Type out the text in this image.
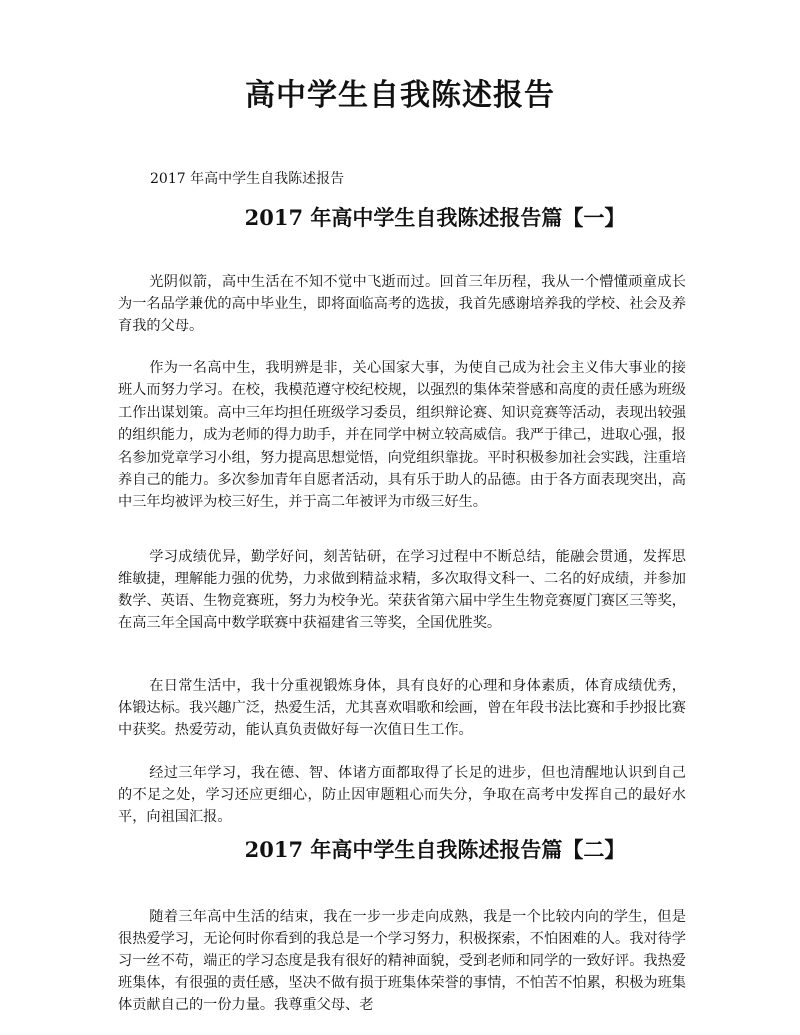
高中学生自我陈述报告

2017 年高中学生自我陈述报告

2017 年高中学生自我陈述报告篇【一】

光阴似箭，高中生活在不知不觉中飞逝而过。回首三年历程，我从一个懵懂顽童成长为一名品学兼优的高中毕业生，即将面临高考的选拔，我首先感谢培养我的学校、社会及养育我的父母。

作为一名高中生，我明辨是非，关心国家大事，为使自己成为社会主义伟大事业的接班人而努力学习。在校，我模范遵守校纪校规，以强烈的集体荣誉感和高度的责任感为班级工作出谋划策。高中三年均担任班级学习委员，组织辩论赛、知识竞赛等活动，表现出较强的组织能力，成为老师的得力助手，并在同学中树立较高威信。我严于律己，进取心强，报名参加党章学习小组，努力提高思想觉悟，向党组织靠拢。平时积极参加社会实践，注重培养自己的能力。多次参加青年自愿者活动，具有乐于助人的品德。由于各方面表现突出，高中三年均被评为校三好生，并于高二年被评为市级三好生。

学习成绩优异，勤学好问，刻苦钻研，在学习过程中不断总结，能融会贯通，发挥思维敏捷，理解能力强的优势，力求做到精益求精，多次取得文科一、二名的好成绩，并参加数学、英语、生物竞赛班，努力为校争光。荣获省第六届中学生生物竞赛厦门赛区三等奖，在高三年全国高中数学联赛中获福建省三等奖，全国优胜奖。

在日常生活中，我十分重视锻炼身体，具有良好的心理和身体素质，体育成绩优秀，体锻达标。我兴趣广泛，热爱生活，尤其喜欢唱歌和绘画，曾在年段书法比赛和手抄报比赛中获奖。热爱劳动，能认真负责做好每一次值日生工作。

经过三年学习，我在德、智、体诸方面都取得了长足的进步，但也清醒地认识到自己的不足之处，学习还应更细心，防止因审题粗心而失分，争取在高考中发挥自己的最好水平，向祖国汇报。

2017 年高中学生自我陈述报告篇【二】

随着三年高中生活的结束，我在一步一步走向成熟，我是一个比较内向的学生，但是很热爱学习，无论何时你看到的我总是一个学习努力，积极探索，不怕困难的人。我对待学习一丝不苟，端正的学习态度是我有很好的精神面貌，受到老师和同学的一致好评。我热爱班集体，有很强的责任感，坚决不做有损于班集体荣誉的事情，不怕苦不怕累，积极为班集体贡献自己的一份力量。我尊重父母、老
